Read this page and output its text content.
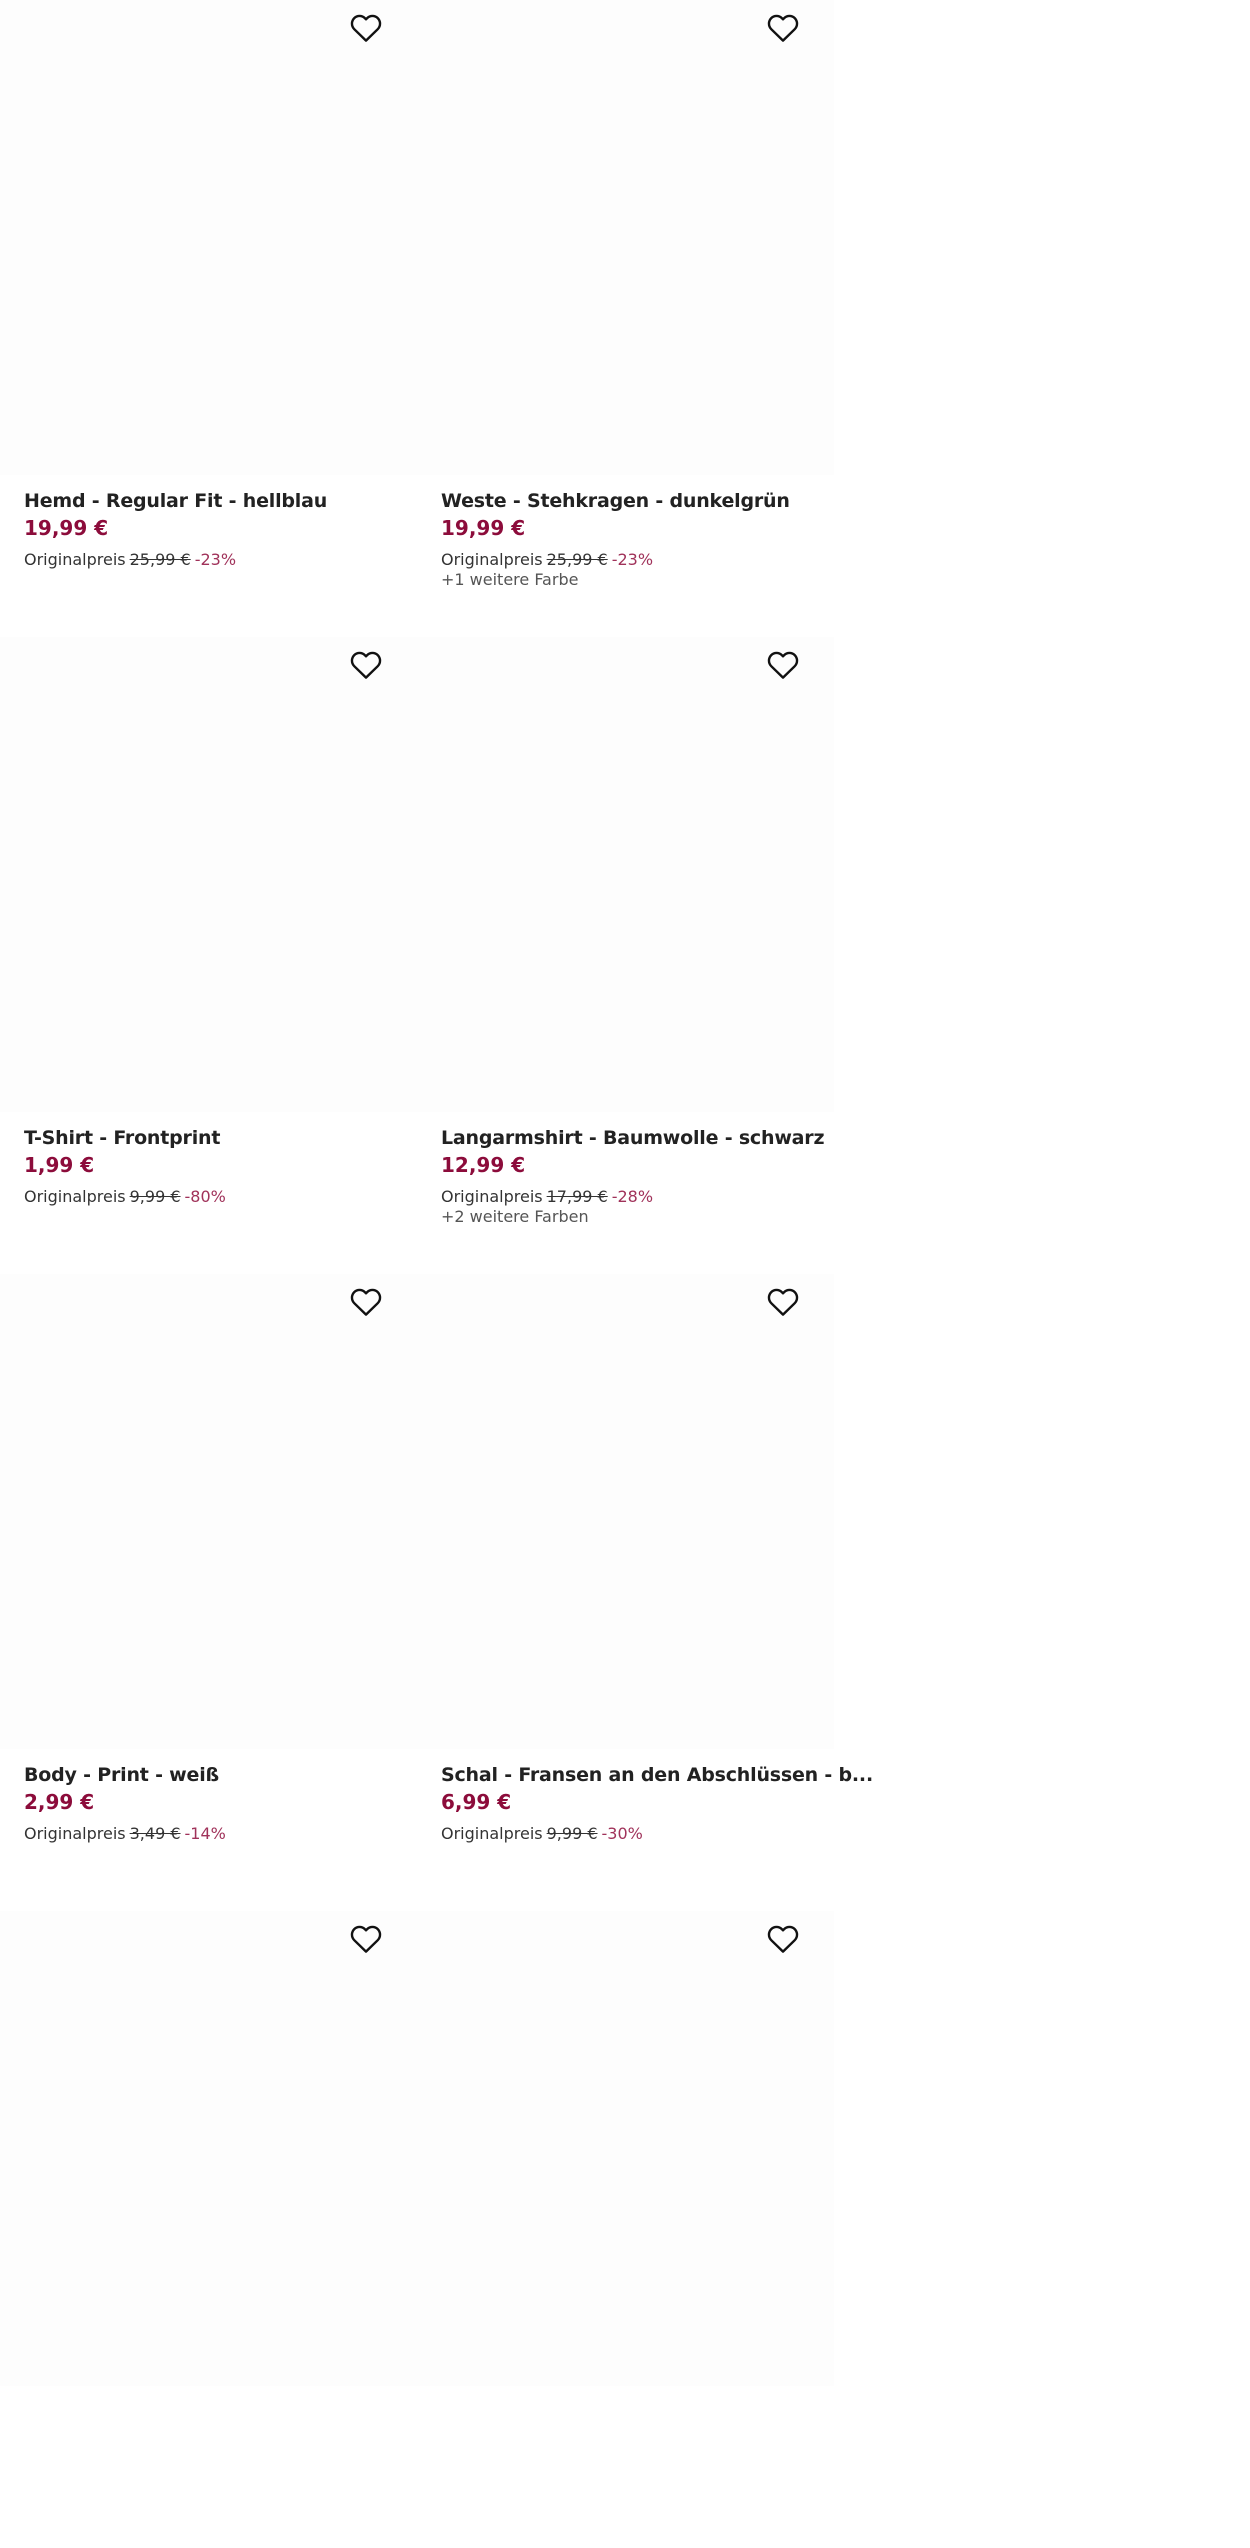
Hemd - Regular Fit - hellblau
19,99 €
Originalpreis 25,99 € -23%
Weste - Stehkragen - dunkelgrün
19,99 €
Originalpreis 25,99 € -23%
+1 weitere Farbe
T-Shirt - Frontprint
1,99 €
Originalpreis 9,99 € -80%
Langarmshirt - Baumwolle - schwarz
12,99 €
Originalpreis 17,99 € -28%
+2 weitere Farben
Body - Print - weiß
2,99 €
Originalpreis 3,49 € -14%
Schal - Fransen an den Abschlüssen - b...
6,99 €
Originalpreis 9,99 € -30%
